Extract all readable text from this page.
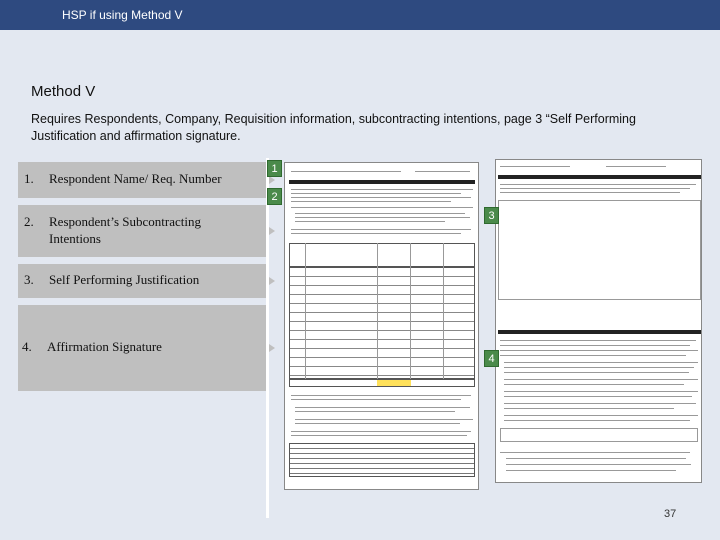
HSP if using Method V
Method V
Requires Respondents, Company, Requisition information, subcontracting intentions, page 3 “Self Performing Justification and affirmation signature.
1. Respondent Name/ Req. Number
2. Respondent’s Subcontracting Intentions
3. Self Performing Justification
4. Affirmation Signature
1
2
3
4
37
